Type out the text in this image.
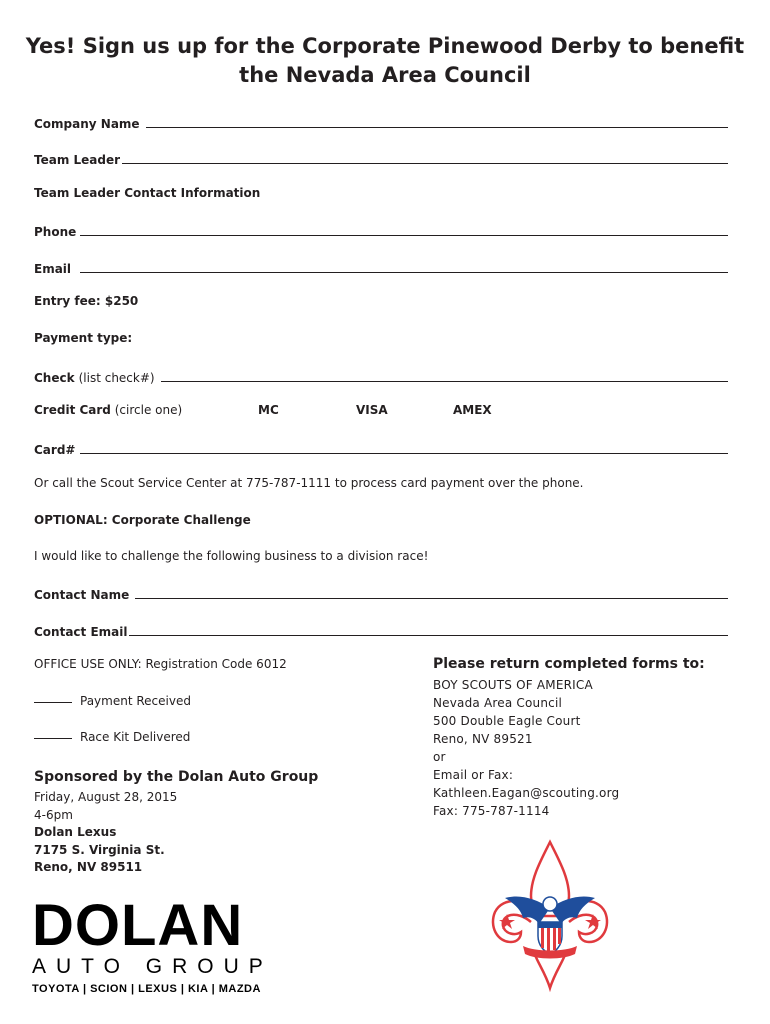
Yes! Sign us up for the Corporate Pinewood Derby to benefit the Nevada Area Council
Company Name
Team Leader
Team Leader Contact Information
Phone
Email
Entry fee: $250
Payment type:
Check (list check#)
Credit Card (circle one)	MC	VISA	AMEX
Card#
Or call the Scout Service Center at 775-787-1111 to process card payment over the phone.
OPTIONAL: Corporate Challenge
I would like to challenge the following business to a division race!
Contact Name
Contact Email
OFFICE USE ONLY: Registration Code 6012
Payment Received
Race Kit Delivered
Please return completed forms to:
BOY SCOUTS OF AMERICA
Nevada Area Council
500 Double Eagle Court
Reno, NV 89521
or
Email or Fax:
Kathleen.Eagan@scouting.org
Fax: 775-787-1114
Sponsored by the Dolan Auto Group
Friday, August 28, 2015
4-6pm
Dolan Lexus
7175 S. Virginia St.
Reno, NV 89511
DOLAN
AUTO GROUP
TOYOTA | SCION | LEXUS | KIA | MAZDA
